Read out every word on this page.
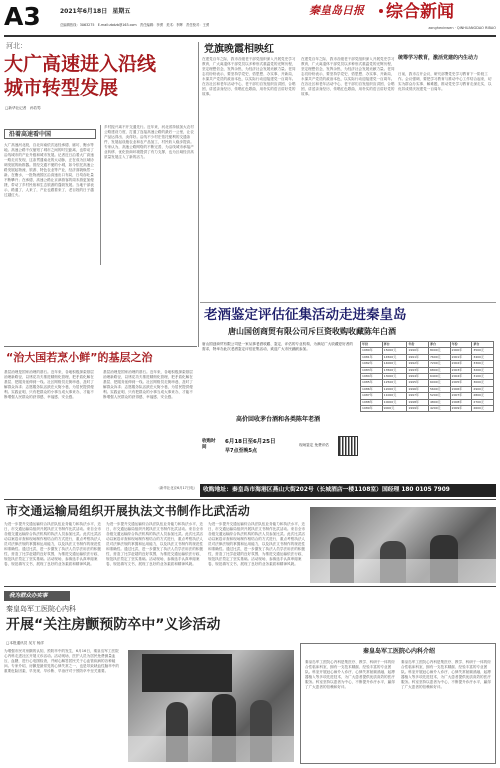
A3	2021年6月18日 星期五
总编辑热线：3063275　E-mail:zbdzb@163.com　责任编辑：李勇　美术：李辉　责任校对：王勇
秦皇岛日报 综合新闻
zonghexinwen · QINHUANGDAO RIBAO
河北：
大广高速进入沿线
城市转型发展
□新华社记者　孙若男
沿着高速看中国
大广高速河北段，自北向南依次途经承德、廊坊、衡水等地。高速公路不仅缩短了城市之间的时空距离，也带动了沿线城市的产业升级和城市发展。记者近日沿着大广高速一路走访发现，这条贯通南北的大动脉，正在成为区域协调发展的助推器。曾经交通不便的小城，如今依托高速公路发展起物流、旅游、特色农业等产业，经济面貌焕然一新。在衡水，一批物流园区沿高速出口布局，日均吞吐量不断攀升；在承德，高速公路让京津游客的周末游更加便捷，带动了乡村民宿和生态旅游的蓬勃发展。当地干部表示，路通了，人来了，产业也跟着来了，老百姓的日子越过越红火。
乡村振兴离不开交通先行。近年来，河北省持续加大农村公路建设力度，打通了连接高速公路的最后一公里，让农产品运得出、卖得好。沿线不少村庄依托便利的交通条件，发展起设施农业和农产品加工，村民收入稳步提高。专家认为，高速公路网络的不断完善，为沿线城市承接产业转移、优化营商环境提供了有力支撑，也为区域经济高质量发展注入了新的活力。
党旗晚霞相映红
在建党百年之际，我市各级老干部党组织深入开展党史学习教育，广大离退休干部党员以多种形式重温党的光辉历程，坚定理想信念，发挥余热，为经济社会发展贡献力量。老同志们纷纷表示，要坚持学党史、悟思想、办实事、开新局，永葆共产党员的政治本色，以实际行动迎接建党一百周年。在各社区和老年活动中心，老干部们自发组织宣讲团、合唱团，讲述亲身经历，传唱红色歌曲，用朴实的语言讲好党的故事。
在建党百年之际，我市各级老干部党组织深入开展党史学习教育，广大离退休干部党员以多种形式重温党的光辉历程，坚定理想信念，发挥余热，为经济社会发展贡献力量。老同志们纷纷表示，要坚持学党史、悟思想、办实事、开新局，永葆共产党员的政治本色，以实际行动迎接建党一百周年。在各社区和老年活动中心，老干部们自发组织宣讲团、合唱团，讲述亲身经历，传唱红色歌曲，用朴实的语言讲好党的故事。
统筹学习教育，激活党建的内生动力
日前，我市召开会议，研究部署党史学习教育下一阶段工作。会议强调，要把学习教育与推动中心工作结合起来，切实为群众办实事、解难题，推动党史学习教育走深走实，以优异成绩庆祝建党一百周年。
“治大国若烹小鲜”的基层之治
基层治理是国家治理的基石。近年来，各地积极探索基层治理新路径，以绣花功夫推进精细化管理，把矛盾化解在基层、把服务延伸到一线。社区网格员走街串巷，及时了解群众诉求；志愿服务队活跃在大街小巷，为居民提供便利。实践证明，只有把群众的小事当成大事来办，才能不断增强人民群众的获得感、幸福感、安全感。
基层治理是国家治理的基石。近年来，各地积极探索基层治理新路径，以绣花功夫推进精细化管理，把矛盾化解在基层、把服务延伸到一线。社区网格员走街串巷，及时了解群众诉求；志愿服务队活跃在大街小巷，为居民提供便利。实践证明，只有把群众的小事当成大事来办，才能不断增强人民群众的获得感、幸福感、安全感。
（新华社北京6月17日电）
老酒鉴定评估征集活动走进秦皇岛
唐山国创商贸有限公司斥巨资收购收藏陈年白酒
唐山国创商贸有限公司是一家从事老酒收藏、鉴定、评估的专业机构，为满足广大收藏爱好者的需求，特举办此次老酒鉴定评估征集活动，欢迎广大市民踊跃参加。
高价回收茅台酒和各类陈年老酒
收购时间
6月18日至6月25日
早7点至晚5点
现场鉴定 免费评估
年份	茅台	年份	茅台	年份	茅台
1980年	15000元	1990年	8000元	2000年	3500元
1981年	14500元	1991年	7600元	2001年	3400元
1982年	14000元	1992年	7200元	2002年	3300元
1983年	13500元	1993年	6800元	2003年	3200元
1984年	13000元	1994年	6400元	2004年	3100元
1985年	12500元	1995年	6000元	2005年	3000元
1986年	12000元	1996年	5600元	2006年	2900元
1987年	11000元	1997年	5200元	2007年	2800元
1988年	10000元	1998年	4800元	2008年	2700元
1989年	9000元	1999年	4200元	2009年	2600元
收购地址：秦皇岛市海港区燕山大街202号（长城酒店一楼1108室）国经理 180 0105 7909
市交通运输局组织开展执法文书制作比武活动
为进一步提升交通运输综合执法队伍业务能力和执法水平，近日，市交通运输局组织开展执法文书制作比武活动。来自全市各级交通运输综合执法机构的执法人员参加比武。此次比武活动以案卷评查和现场制作相结合的方式进行，重点考察执法人员对法律法规的掌握和运用能力，以及执法文书制作的规范性和准确性。通过比武，进一步激发了执法人员学法用法的积极性，营造了比学赶超的良好氛围，为推进交通运输依法行政、规范执法奠定了坚实基础。活动现场，参赛选手认真审阅案卷，规范填写文书，展现了良好的业务素质和精神风貌。
为进一步提升交通运输综合执法队伍业务能力和执法水平，近日，市交通运输局组织开展执法文书制作比武活动。来自全市各级交通运输综合执法机构的执法人员参加比武。此次比武活动以案卷评查和现场制作相结合的方式进行，重点考察执法人员对法律法规的掌握和运用能力，以及执法文书制作的规范性和准确性。通过比武，进一步激发了执法人员学法用法的积极性，营造了比学赶超的良好氛围，为推进交通运输依法行政、规范执法奠定了坚实基础。活动现场，参赛选手认真审阅案卷，规范填写文书，展现了良好的业务素质和精神风貌。
为进一步提升交通运输综合执法队伍业务能力和执法水平，近日，市交通运输局组织开展执法文书制作比武活动。来自全市各级交通运输综合执法机构的执法人员参加比武。此次比武活动以案卷评查和现场制作相结合的方式进行，重点考察执法人员对法律法规的掌握和运用能力，以及执法文书制作的规范性和准确性。通过比武，进一步激发了执法人员学法用法的积极性，营造了比学赶超的良好氛围，为推进交通运输依法行政、规范执法奠定了坚实基础。活动现场，参赛选手认真审阅案卷，规范填写文书，展现了良好的业务素质和精神风貌。
我为群众办实事
秦皇岛军工医院心内科
开展“关注房颤预防卒中”义诊活动
□本报通讯员 吴方 杨洋
为增强市民对房颤的认知，预防卒中的发生，6月16日，秦皇岛军工医院心内科走进社区开展义诊活动。活动现场，医护人员为居民免费测量血压、血糖，进行心电图检查，并耐心解答居民关于心血管疾病的各种疑问。专家介绍，房颤是最常见的心律失常之一，也是导致缺血性脑卒中的重要危险因素，早发现、早诊断、早治疗对于预防卒中至关重要。
秦皇岛军工医院心内科介绍
秦皇岛军工医院心内科是集医疗、教学、科研于一体的综合性临床科室，拥有一支技术精湛、经验丰富的专业团队。科室开展冠心病介入诊疗、心律失常射频消融、起搏器植入等多项先进技术，为广大患者提供优质高效的医疗服务。科室坚持以患者为中心，不断提升诊疗水平，赢得了广大患者的信赖和好评。
秦皇岛军工医院心内科是集医疗、教学、科研于一体的综合性临床科室，拥有一支技术精湛、经验丰富的专业团队。科室开展冠心病介入诊疗、心律失常射频消融、起搏器植入等多项先进技术，为广大患者提供优质高效的医疗服务。科室坚持以患者为中心，不断提升诊疗水平，赢得了广大患者的信赖和好评。
